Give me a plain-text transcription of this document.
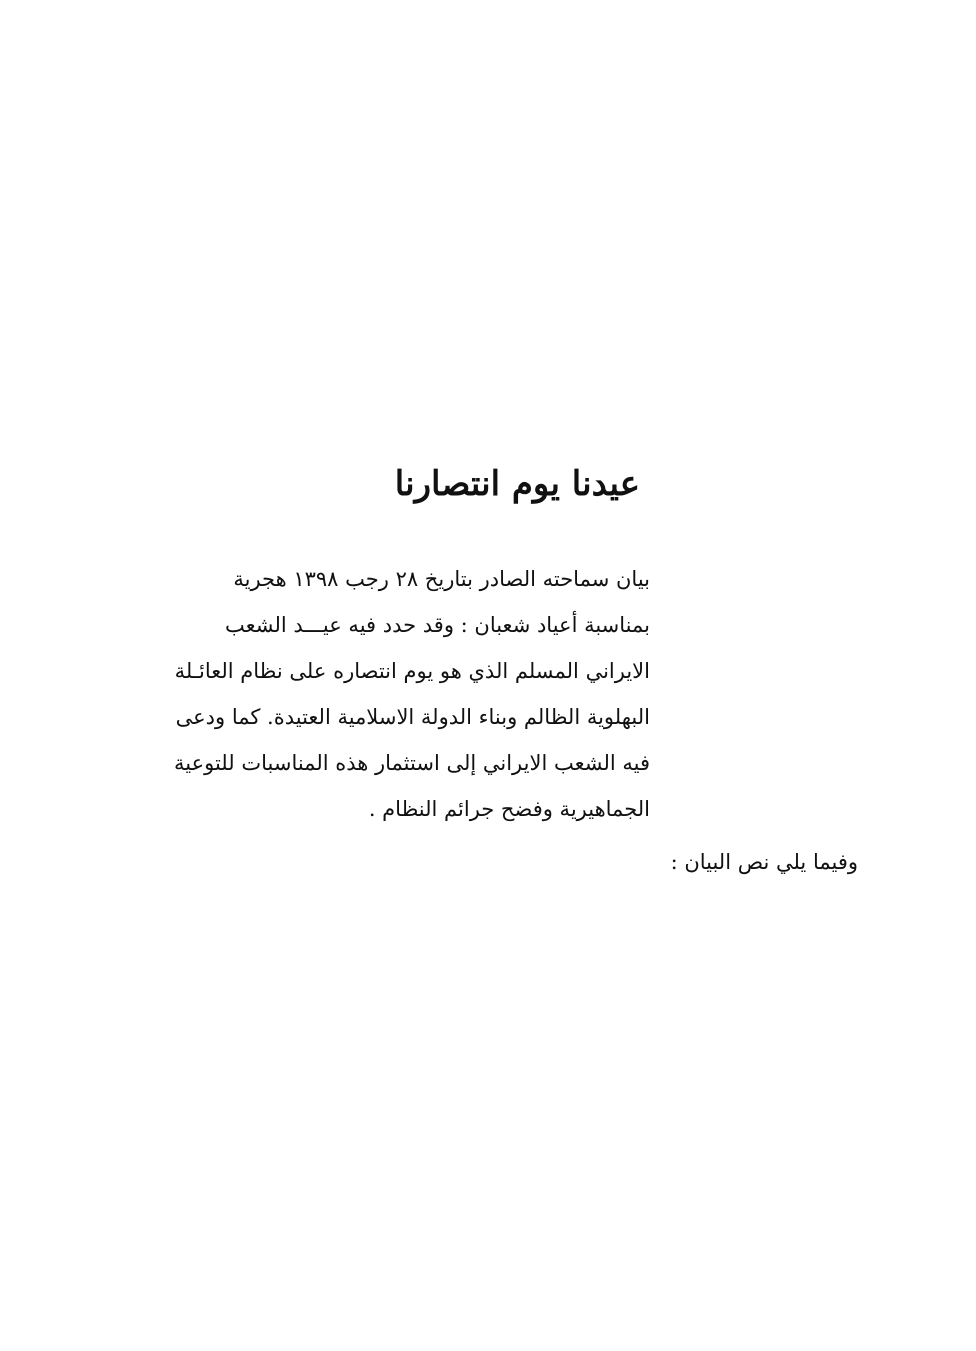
عيدنا يوم انتصارنا
بيان سماحته الصادر بتاريخ ٢٨ رجب ١٣٩٨ هجرية
بمناسبة أعياد شعبان : وقد حدد فيه عيـــد الشعب
الايراني المسلم الذي هو يوم انتصاره على نظام العائـلة
البهلوية الظالم وبناء الدولة الاسلامية العتيدة. كما ودعى
فيه الشعب الايراني إلى استثمار هذه المناسبات للتوعية
الجماهيرية وفضح جرائم النظام .
وفيما يلي نص البيان :
